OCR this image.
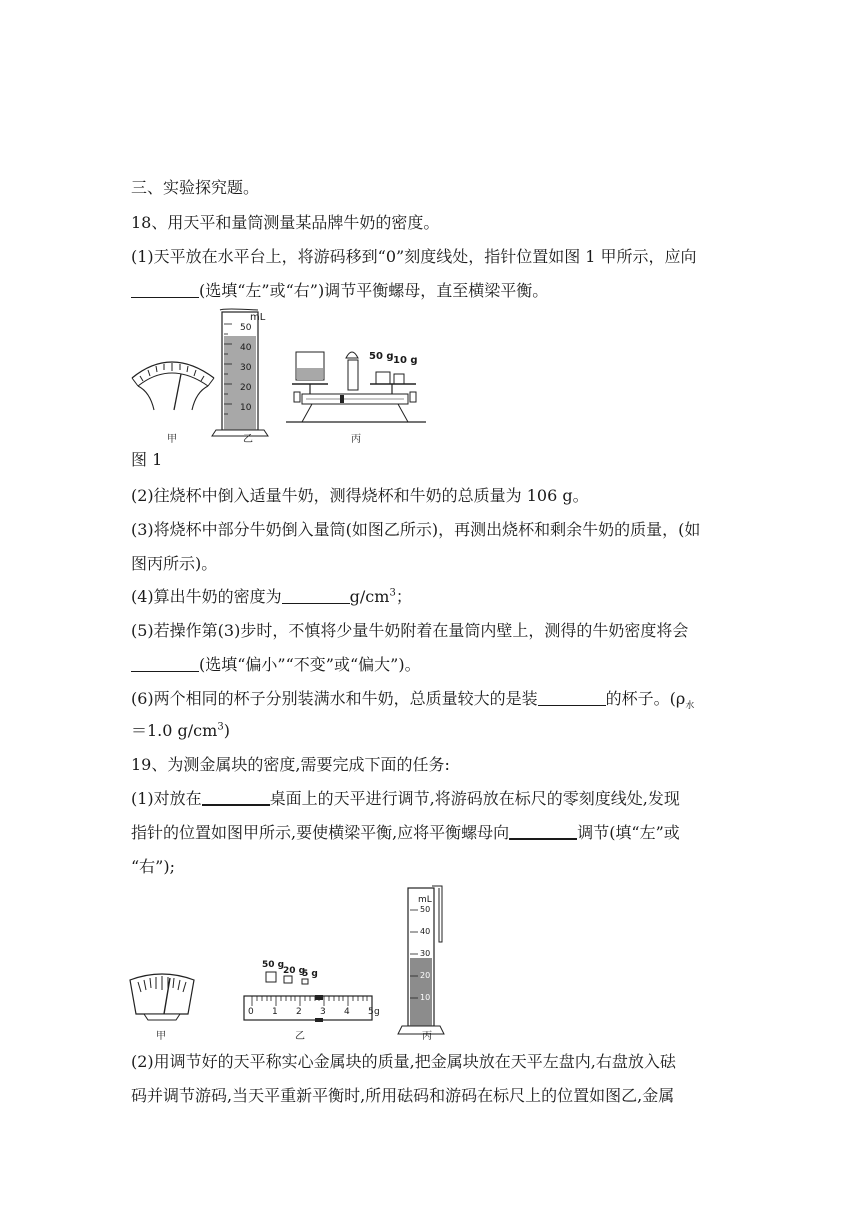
三、实验探究题。
18、用天平和量筒测量某品牌牛奶的密度。
(1)天平放在水平台上，将游码移到“0”刻度线处，指针位置如图 1 甲所示，应向
(选填“左”或“右”)调节平衡螺母，直至横梁平衡。
mL
50
40
30
20
10
50 g 10 g
甲	乙	丙
图 1
(2)往烧杯中倒入适量牛奶，测得烧杯和牛奶的总质量为 106 g。
(3)将烧杯中部分牛奶倒入量筒(如图乙所示)，再测出烧杯和剩余牛奶的质量，(如
图丙所示)。
(4)算出牛奶的密度为	$g/cm^3$；
(5)若操作第(3)步时，不慎将少量牛奶附着在量筒内壁上，测得的牛奶密度将会
(选填“偏小”“不变”或“偏大”)。
(6)两个相同的杯子分别装满水和牛奶，总质量较大的是装	的杯子。($\rho_水$
＝1.0 $g/cm^3$)
19、为测金属块的密度,需要完成下面的任务:
(1)对放在	桌面上的天平进行调节,将游码放在标尺的零刻度线处,发现
指针的位置如图甲所示,要使横梁平衡,应将平衡螺母向	调节(填“左”或
“右”);
50 g
20 g
5 g
0 1 2 3 4 5 g
mL
50
40
30
20
10
甲	乙	丙
(2)用调节好的天平称实心金属块的质量,把金属块放在天平左盘内,右盘放入砝
码并调节游码,当天平重新平衡时,所用砝码和游码在标尺上的位置如图乙,金属
